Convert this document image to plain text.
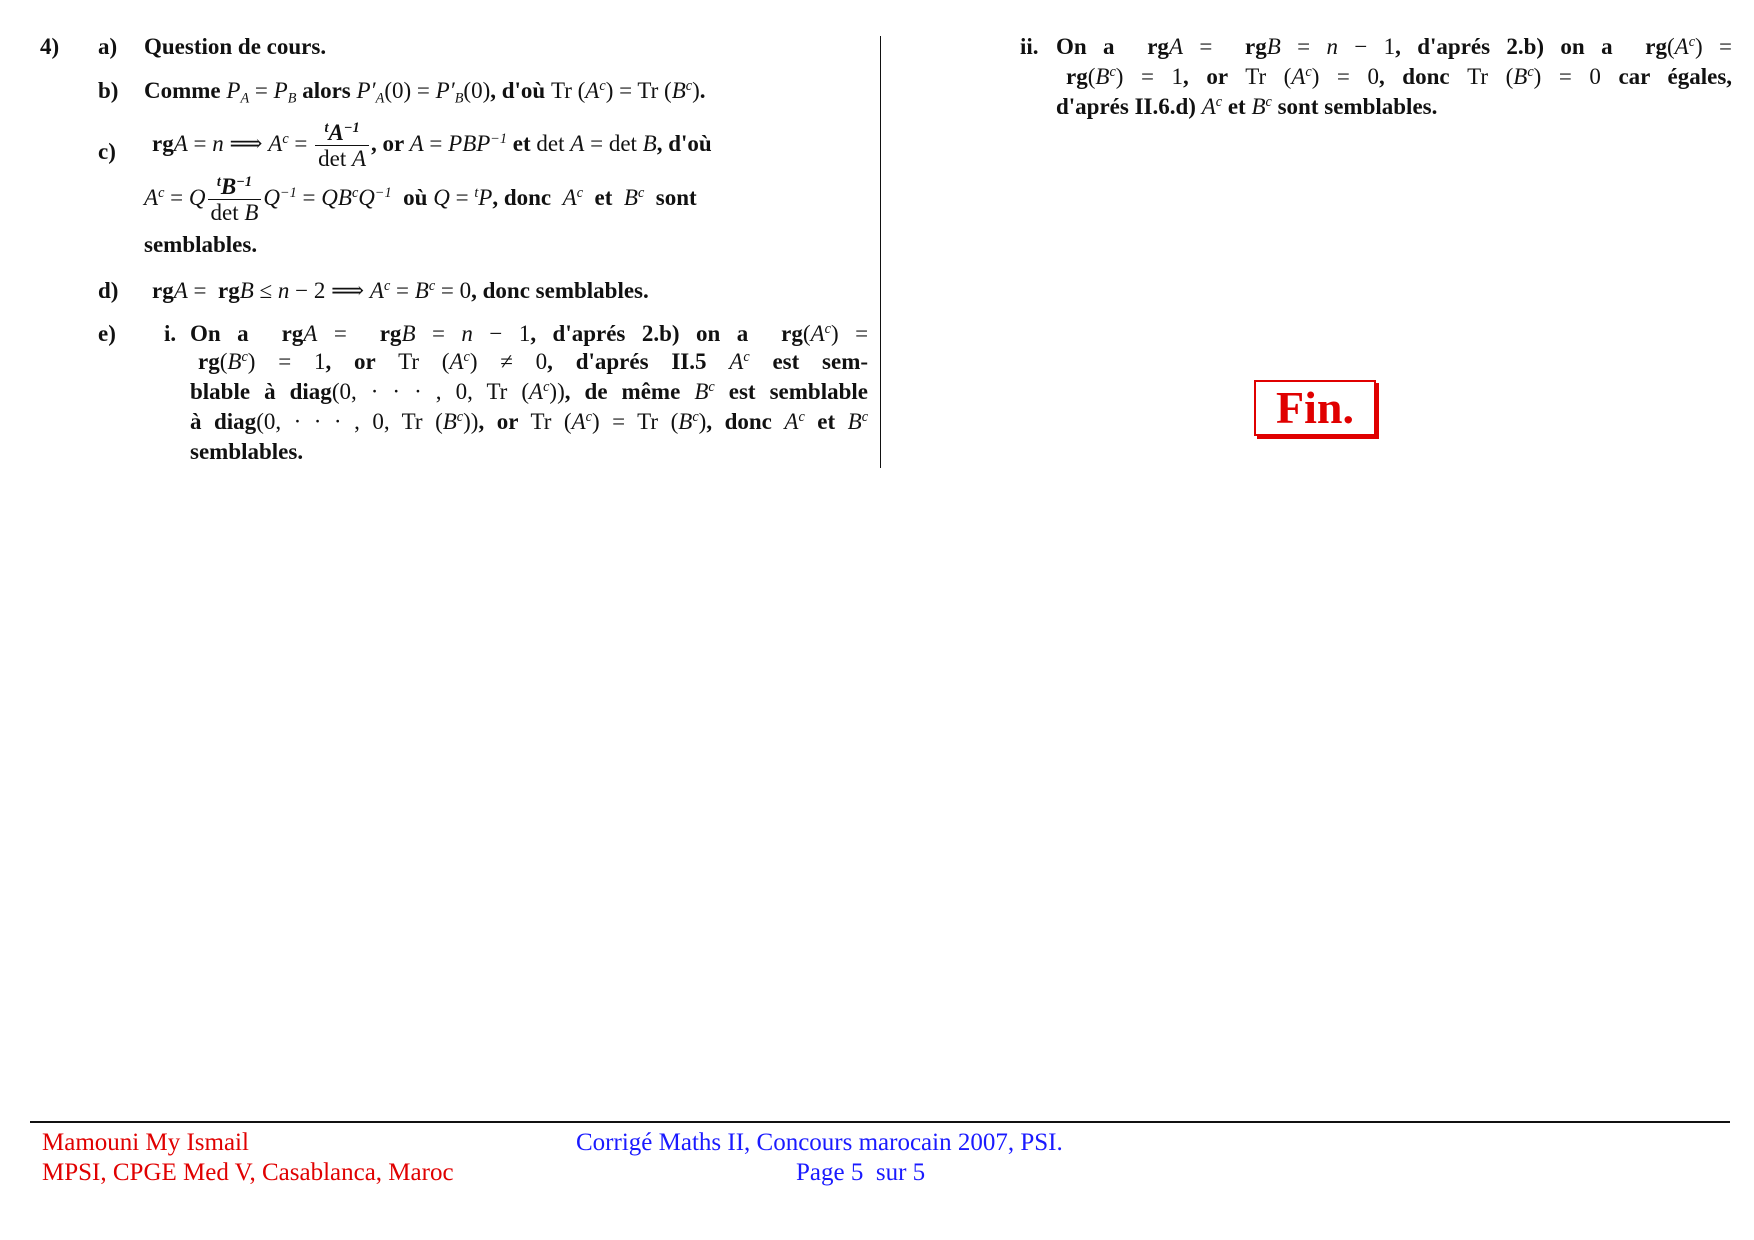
4) a) Question de cours.
b) Comme $P_A = P_B$ alors $P'_A(0) = P'_B(0)$, d'où Tr $(A^c) = Tr$ $(B^c)$.
c) rgA = n ⟹ $A^c = \frac{^tA^{-1}}{\text{det A}}$ , or $A = PBP^{-1}$ et det A = det B, d'où
$A^c = Q \frac{^tB^{-1}}{\text{det B}} Q^{-1} = QB^cQ^{-1}$ où Q = $^t$P, donc $A^c$ et $B^c$ sont
semblables.
d) rgA = rgB ≤ n − 2 ⟹ $A^c = B^c = 0$, donc semblables.
e) i. On a rgA = rgB = n − 1, d'aprés 2.b) on a $rg(A^c)$ =
$rg(B^c) = 1$, or Tr $(A^c) \ne 0$, d'aprés II.5 $A^c$ est sem-
blable à diag(0, · · · , 0, Tr $(A^c)$), de même $B^c$ est semblable
à diag(0, · · · , 0, Tr $(B^c)$), or Tr $(A^c) = Tr$ $(B^c)$, donc $A^c$ et $B^c$
semblables.
ii. On a rgA = rgB = n − 1, d'aprés 2.b) on a $rg(A^c)$ =
$rg(B^c) = 1$, or Tr $(A^c) = 0$, donc Tr $(B^c) = 0$ car égales,
d'aprés II.6.d) $A^c$ et $B^c$ sont semblables.
Fin.
Mamouni My Ismail
MPSI, CPGE Med V, Casablanca, Maroc
Corrigé Maths II, Concours marocain 2007, PSI.
Page 5  sur 5
